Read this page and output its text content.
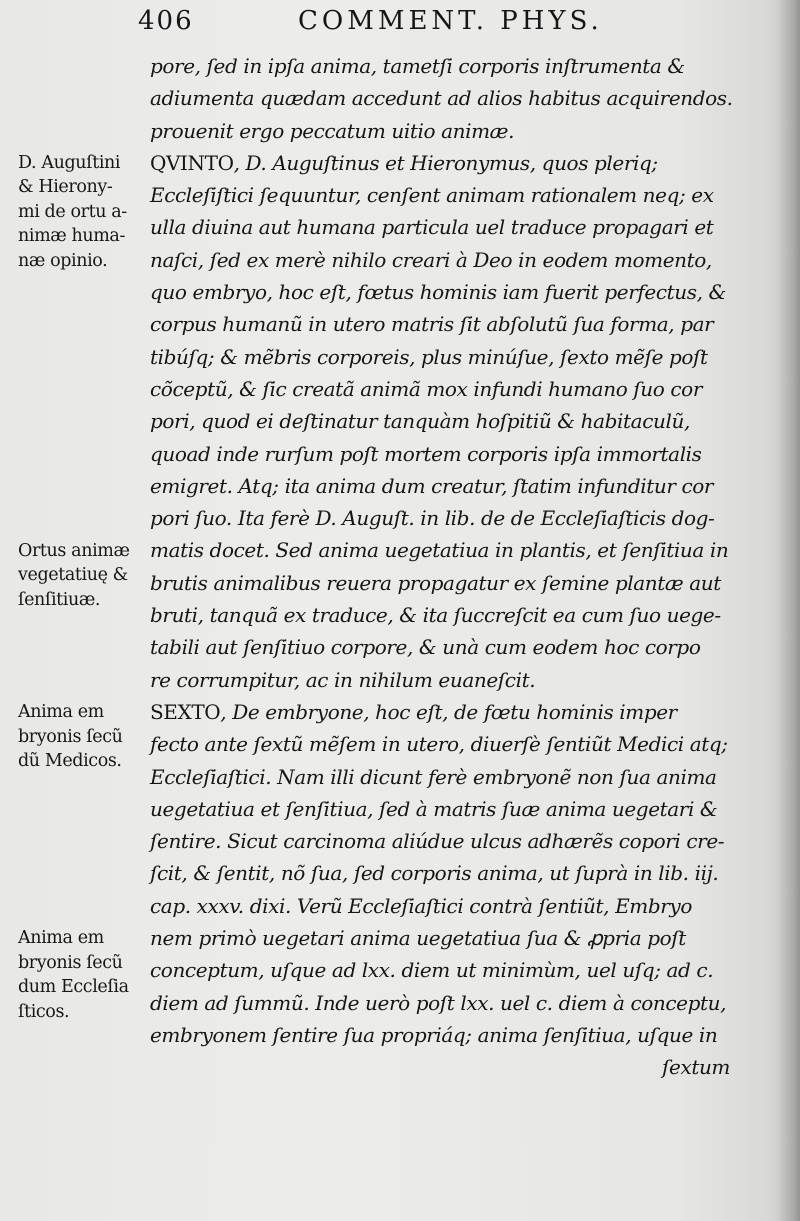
406	COMMENT. PHYS.
pore, ſed in ipſa anima, tametſi corporis inſtrumenta &
adiumenta quædam accedunt ad alios habitus acquirendos.
prouenit ergo peccatum uitio animæ.
QVINTO, D. Auguſtinus et Hieronymus, quos pleriq;
Eccleſiſtici ſequuntur, cenſent animam rationalem neq; ex
ulla diuina aut humana particula uel traduce propagari et
naſci, ſed ex merè nihilo creari à Deo in eodem momento,
quo embryo, hoc eſt, fœtus hominis iam fuerit perfectus, &
corpus humanũ in utero matris ſit abſolutũ ſua forma, par
tibúſq; & mẽbris corporeis, plus minúſue, ſexto mẽſe poſt
cõceptũ, & ſic creatã animã mox infundi humano ſuo cor
pori, quod ei deſtinatur tanquàm hoſpitiũ & habitaculũ,
quoad inde rurſum poſt mortem corporis ipſa immortalis
emigret. Atq; ita anima dum creatur, ſtatim infunditur cor
pori ſuo. Ita ferè D. Auguſt. in lib. de de Eccleſiaſticis dog-
matis docet. Sed anima uegetatiua in plantis, et ſenſitiua in
brutis animalibus reuera propagatur ex ſemine plantæ aut
bruti, tanquã ex traduce, & ita ſuccreſcit ea cum ſuo uege-
tabili aut ſenſitiuo corpore, & unà cum eodem hoc corpo
re corrumpitur, ac in nihilum euaneſcit.
SEXTO, De embryone, hoc eſt, de fœtu hominis imper
fecto ante ſextũ mẽſem in utero, diuerſè ſentiũt Medici atq;
Eccleſiaſtici. Nam illi dicunt ferè embryonẽ non ſua anima
uegetatiua et ſenſitiua, ſed à matris ſuæ anima uegetari &
ſentire. Sicut carcinoma aliúdue ulcus adhærẽs copori cre-
ſcit, & ſentit, nõ ſua, ſed corporis anima, ut ſuprà in lib. iij.
cap. xxxv. dixi. Verũ Eccleſiaſtici contrà ſentiũt, Embryo
nem primò uegetari anima uegetatiua ſua & ꝓpria poſt
conceptum, uſque ad lxx. diem ut minimùm, uel uſq; ad c.
diem ad ſummũ. Inde uerò poſt lxx. uel c. diem à conceptu,
embryonem ſentire ſua propriáq; anima ſenſitiua, uſque in
ſextum
D. Auguſtini
& Hierony-
mi de ortu a-
nimæ huma-
næ opinio.
Ortus animæ
vegetatiuę &
ſenſitiuæ.
Anima em
bryonis ſecũ
dũ Medicos.
Anima em
bryonis ſecũ
dum Eccleſia
ſticos.
